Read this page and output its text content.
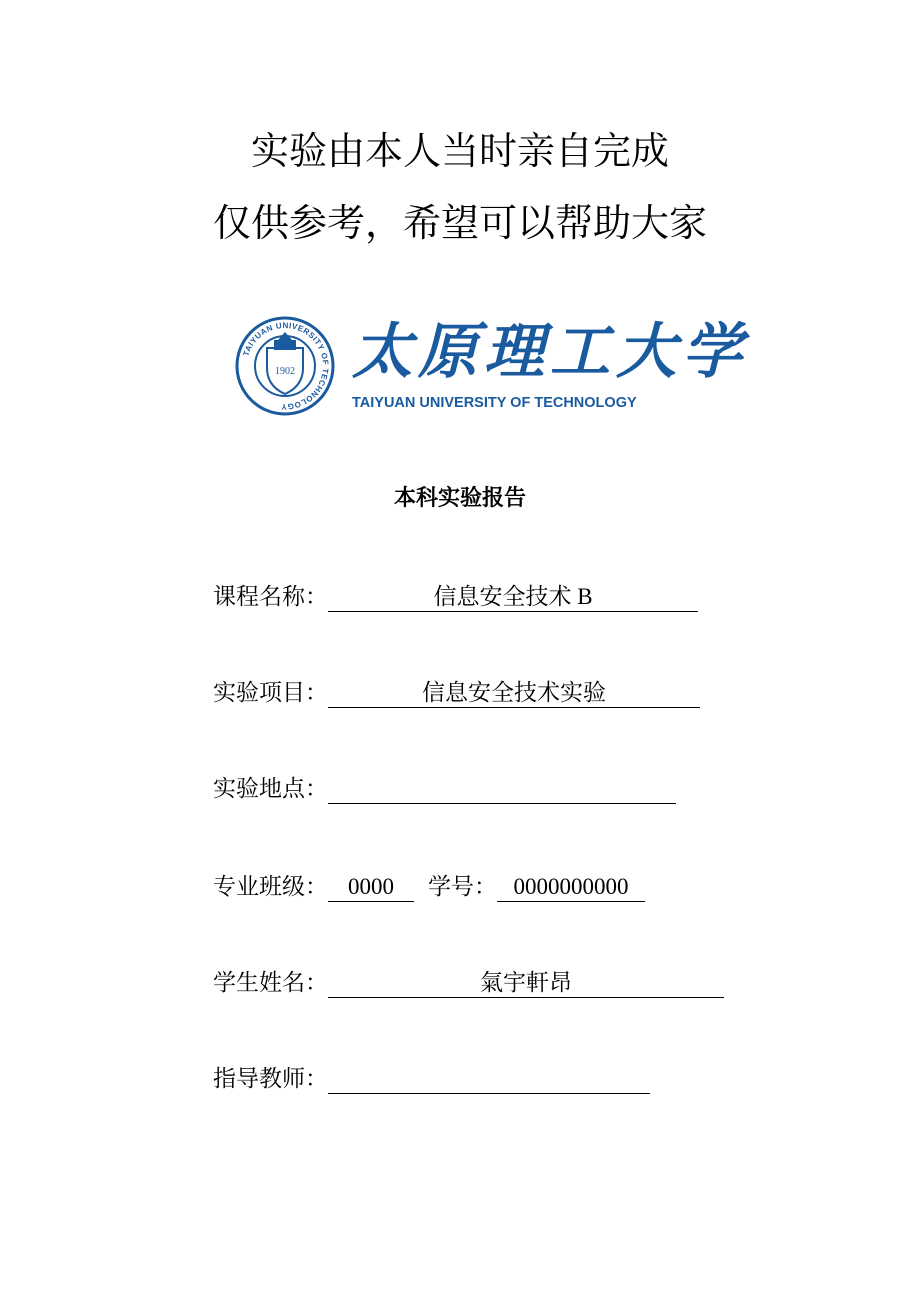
实验由本人当时亲自完成
仅供参考，希望可以帮助大家
TAIYUAN UNIVERSITY OF TECHNOLOGY
1902 太原理工大学
TAIYUAN UNIVERSITY OF TECHNOLOGY
本科实验报告
课程名称：	信息安全技术 B
实验项目：	信息安全技术实验
实验地点：
专业班级： 0000	学号： 0000000000
学生姓名：	氣宇軒昂
指导教师：
